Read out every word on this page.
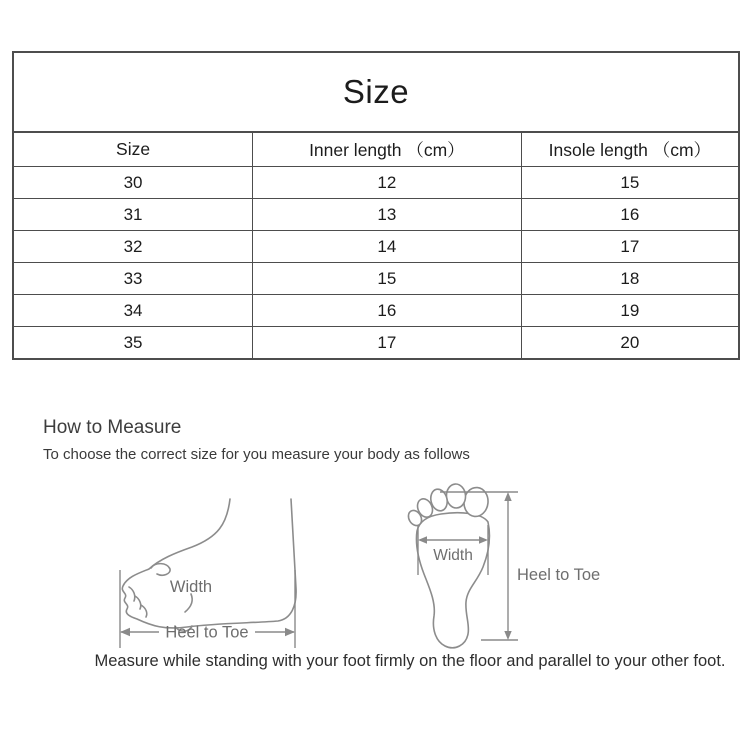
Size		
Size	Inner length （cm）	Insole length （cm）
30	12	15
31	13	16
32	14	17
33	15	18
34	16	19
35	17	20
How to Measure
To choose the correct size for you measure your body as follows
Heel to Toe
Width
Width
Heel to Toe
Measure while standing with your foot firmly on the floor and parallel to your other foot.
